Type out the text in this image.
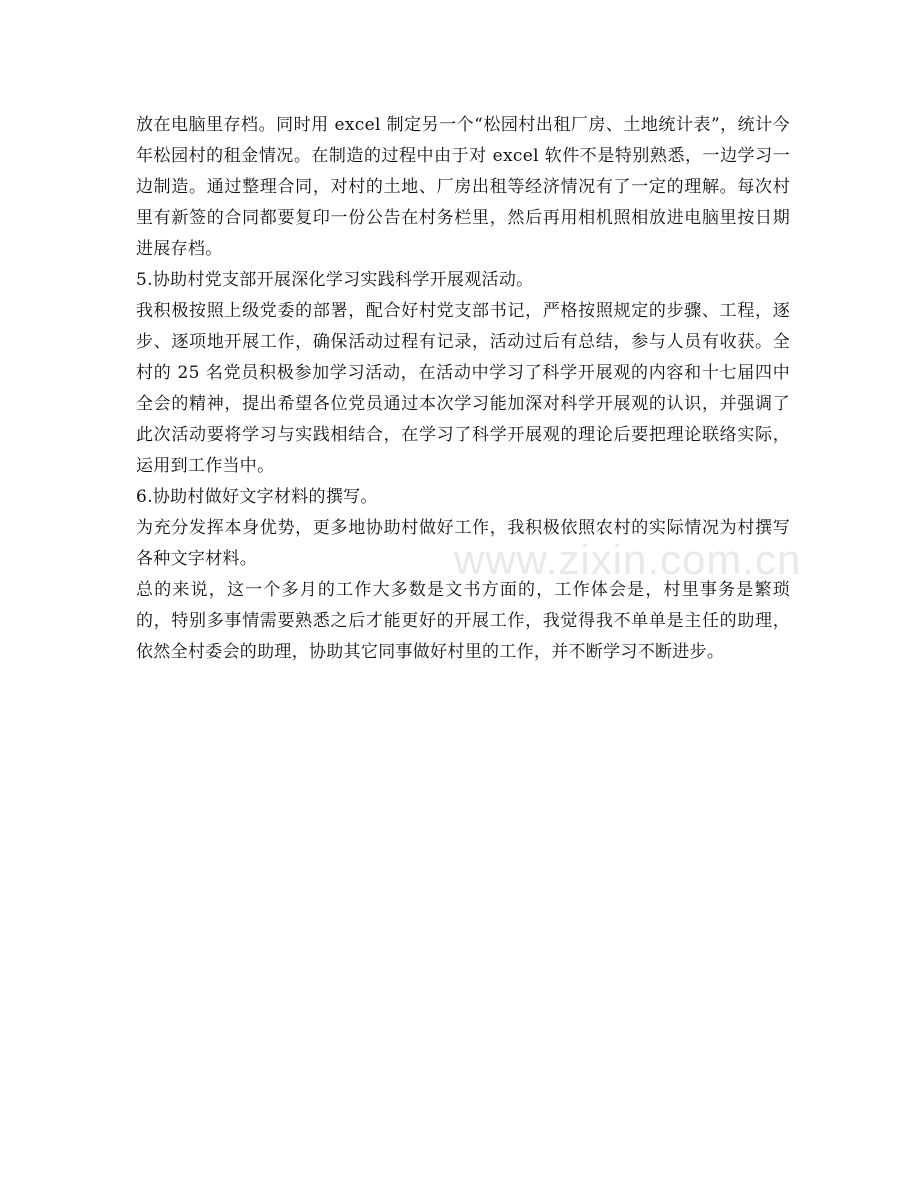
www.zixin.com.cn

放在电脑里存档。同时用 excel 制定另一个“松园村出租厂房、土地统计表”，统计今年松园村的租金情况。在制造的过程中由于对 excel 软件不是特别熟悉，一边学习一边制造。通过整理合同，对村的土地、厂房出租等经济情况有了一定的理解。每次村里有新签的合同都要复印一份公告在村务栏里，然后再用相机照相放进电脑里按日期进展存档。

5.协助村党支部开展深化学习实践科学开展观活动。

我积极按照上级党委的部署，配合好村党支部书记，严格按照规定的步骤、工程，逐步、逐项地开展工作，确保活动过程有记录，活动过后有总结，参与人员有收获。全村的 25 名党员积极参加学习活动，在活动中学习了科学开展观的内容和十七届四中全会的精神，提出希望各位党员通过本次学习能加深对科学开展观的认识，并强调了此次活动要将学习与实践相结合，在学习了科学开展观的理论后要把理论联络实际，运用到工作当中。

6.协助村做好文字材料的撰写。

为充分发挥本身优势，更多地协助村做好工作，我积极依照农村的实际情况为村撰写各种文字材料。

总的来说，这一个多月的工作大多数是文书方面的，工作体会是，村里事务是繁琐的，特别多事情需要熟悉之后才能更好的开展工作，我觉得我不单单是主任的助理，依然全村委会的助理，协助其它同事做好村里的工作，并不断学习不断进步。
